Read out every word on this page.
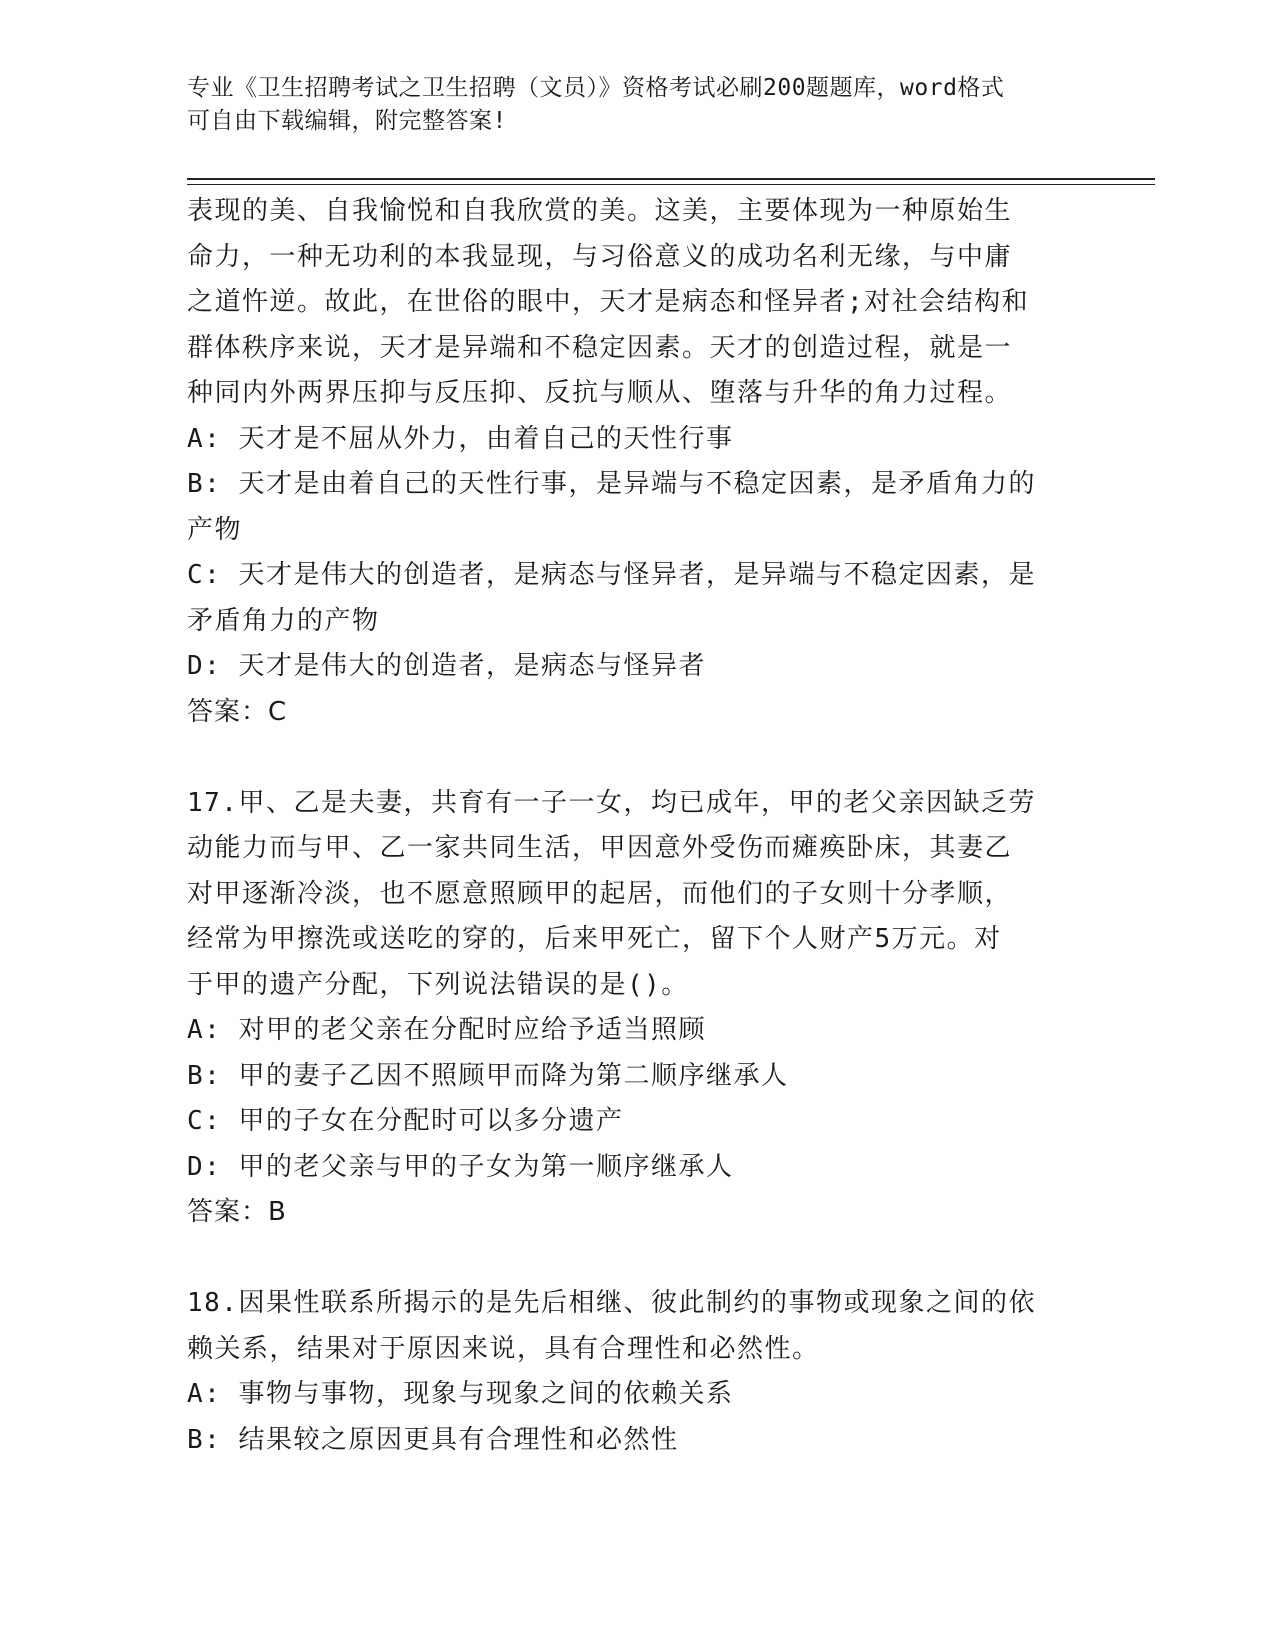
专业《卫生招聘考试之卫生招聘（文员）》资格考试必刷200题题库，word格式
可自由下载编辑，附完整答案!
表现的美、自我愉悦和自我欣赏的美。这美，主要体现为一种原始生
命力，一种无功利的本我显现，与习俗意义的成功名利无缘，与中庸
之道忤逆。故此，在世俗的眼中，天才是病态和怪异者;对社会结构和
群体秩序来说，天才是异端和不稳定因素。天才的创造过程，就是一
种同内外两界压抑与反压抑、反抗与顺从、堕落与升华的角力过程。
A: 天才是不屈从外力，由着自己的天性行事
B: 天才是由着自己的天性行事，是异端与不稳定因素，是矛盾角力的
产物
C: 天才是伟大的创造者，是病态与怪异者，是异端与不稳定因素，是
矛盾角力的产物
D: 天才是伟大的创造者，是病态与怪异者
答案：C
17.甲、乙是夫妻，共育有一子一女，均已成年，甲的老父亲因缺乏劳
动能力而与甲、乙一家共同生活，甲因意外受伤而瘫痪卧床，其妻乙
对甲逐渐冷淡，也不愿意照顾甲的起居，而他们的子女则十分孝顺，
经常为甲擦洗或送吃的穿的，后来甲死亡，留下个人财产5万元。对
于甲的遗产分配，下列说法错误的是()。
A: 对甲的老父亲在分配时应给予适当照顾
B: 甲的妻子乙因不照顾甲而降为第二顺序继承人
C: 甲的子女在分配时可以多分遗产
D: 甲的老父亲与甲的子女为第一顺序继承人
答案：B
18.因果性联系所揭示的是先后相继、彼此制约的事物或现象之间的依
赖关系，结果对于原因来说，具有合理性和必然性。
A: 事物与事物，现象与现象之间的依赖关系
B: 结果较之原因更具有合理性和必然性
